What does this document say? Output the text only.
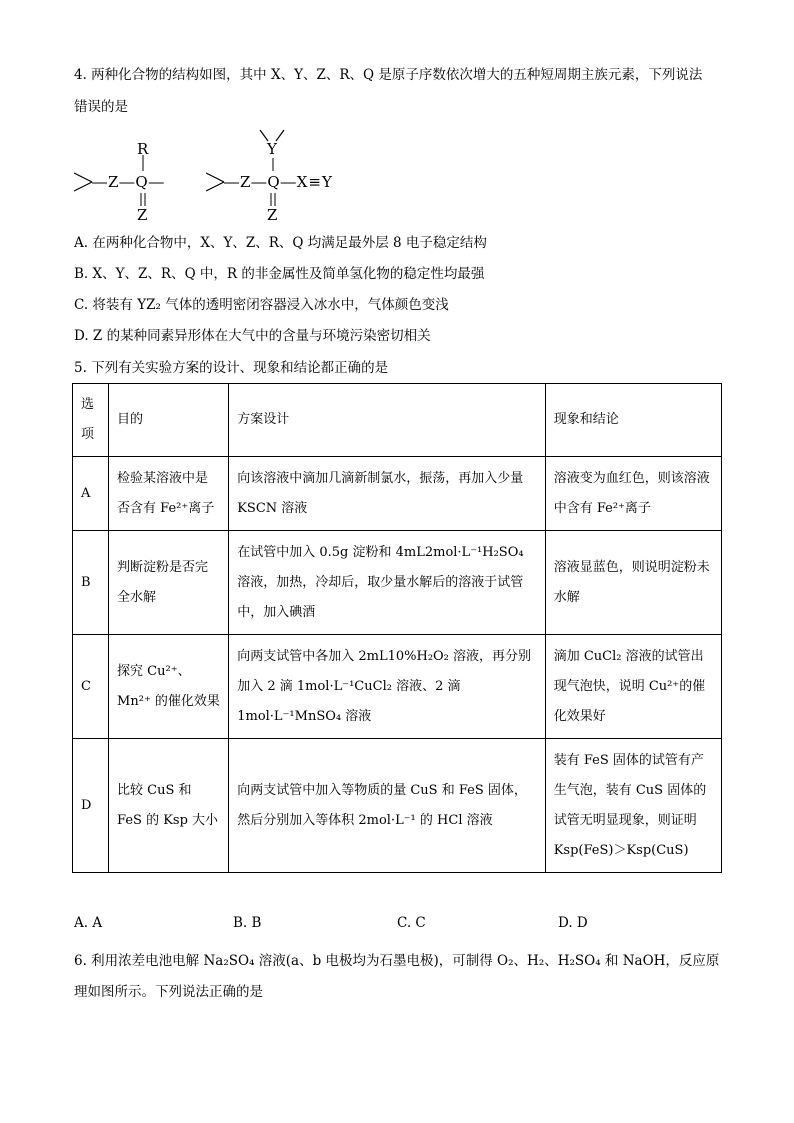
4. 两种化合物的结构如图，其中 X、Y、Z、R、Q 是原子序数依次增大的五种短周期主族元素，下列说法
错误的是
R
―Z―Q―
Z
Y
―Z―Q―X≡Y
Z
A. 在两种化合物中，X、Y、Z、R、Q 均满足最外层 8 电子稳定结构
B. X、Y、Z、R、Q 中，R 的非金属性及简单氢化物的稳定性均最强
C. 将装有 YZ₂ 气体的透明密闭容器浸入冰水中，气体颜色变浅
D. Z 的某种同素异形体在大气中的含量与环境污染密切相关
5. 下列有关实验方案的设计、现象和结论都正确的是
选项	目的	方案设计	现象和结论
A	检验某溶液中是否含有 Fe²⁺离子	向该溶液中滴加几滴新制氯水，振荡，再加入少量 KSCN 溶液	溶液变为血红色，则该溶液中含有 Fe²⁺离子
B	判断淀粉是否完全水解	在试管中加入 0.5g 淀粉和 4mL2mol·L⁻¹H₂SO₄ 溶液，加热，冷却后，取少量水解后的溶液于试管中，加入碘酒	溶液显蓝色，则说明淀粉未水解
C	探究 Cu²⁺、Mn²⁺ 的催化效果	向两支试管中各加入 2mL10%H₂O₂ 溶液，再分别加入 2 滴 1mol·L⁻¹CuCl₂ 溶液、2 滴 1mol·L⁻¹MnSO₄ 溶液	滴加 CuCl₂ 溶液的试管出现气泡快，说明 Cu²⁺的催化效果好
D	比较 CuS 和 FeS 的 Ksp 大小	向两支试管中加入等物质的量 CuS 和 FeS 固体，然后分别加入等体积 2mol·L⁻¹ 的 HCl 溶液	装有 FeS 固体的试管有产生气泡，装有 CuS 固体的试管无明显现象，则证明 Ksp(FeS)＞Ksp(CuS)
A. A	B. B	C. C	D. D
6. 利用浓差电池电解 Na₂SO₄ 溶液(a、b 电极均为石墨电极)，可制得 O₂、H₂、H₂SO₄ 和 NaOH，反应原理如图所示。下列说法正确的是
